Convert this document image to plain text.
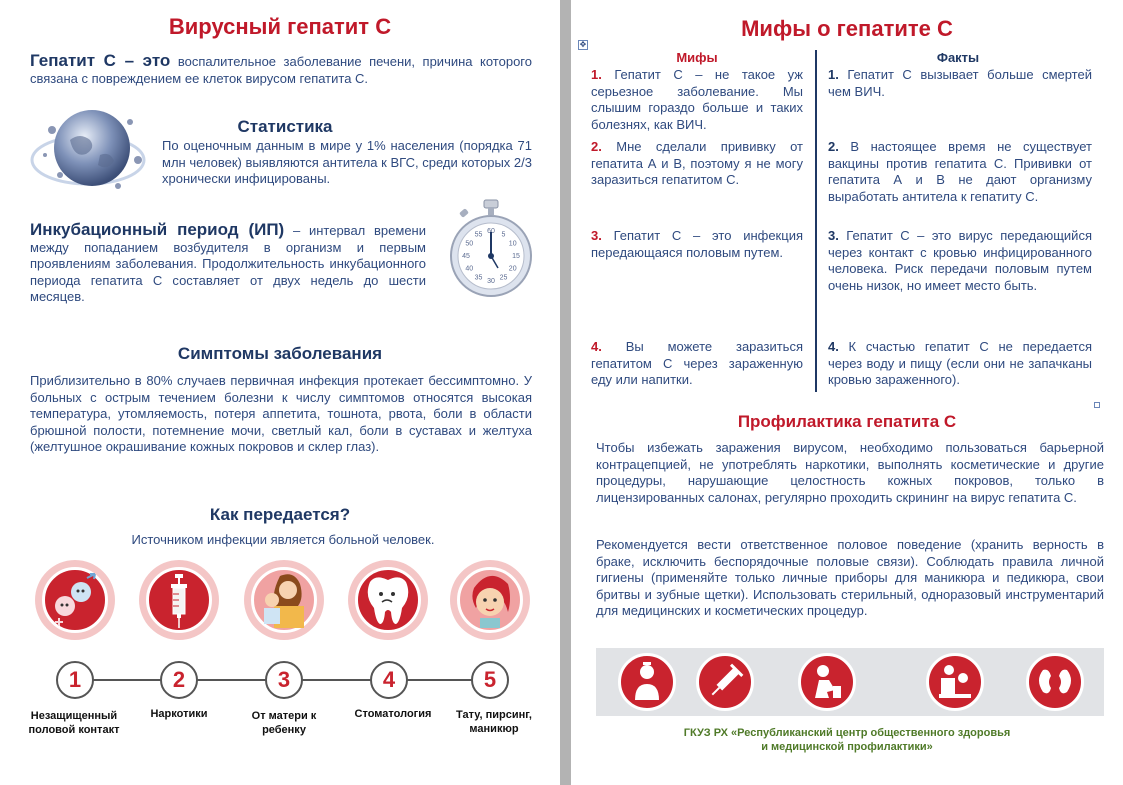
Вирусный гепатит С
Гепатит С – это воспалительное заболевание печени, причина которого связана с повреждением ее клеток вирусом гепатита С.
Статистика
По оценочным данным в мире у 1% населения (порядка 71 млн человек) выявляются антитела к ВГС, среди которых 2/3 хронически инфицированы.
Инкубационный период (ИП) – интервал времени между попаданием возбудителя в организм и первым проявлениям заболевания. Продолжительность инкубационного периода гепатита С составляет от двух недель до шести месяцев.
60 5
10
15
20
25
30
35
40
45
50
55
Симптомы заболевания
Приблизительно в 80% случаев первичная инфекция протекает бессимптомно. У больных с острым течением болезни к числу симптомов относятся высокая температура, утомляемость, потеря аппетита, тошнота, рвота, боли в области брюшной полости, потемнение мочи, светлый кал, боли в суставах и желтуха (желтушное окрашивание кожных покровов и склер глаз).
Как передается?
Источником инфекции является больной человек.
1	2	3	4	5
Незащищенный половой контакт
Наркотики	От матери к ребенку
Стоматология	Тату, пирсинг, маникюр
Мифы о гепатите С
✥
Мифы	Факты
1. Гепатит С – не такое уж серьезное заболевание. Мы слышим гораздо больше и таких болезнях, как ВИЧ.
1. Гепатит С вызывает больше смертей чем ВИЧ.
2. Мне сделали прививку от гепатита А и В, поэтому я не могу заразиться гепатитом С.
2. В настоящее время не существует вакцины против гепатита С. Прививки от гепатита А и В не дают организму выработать антитела к гепатиту С.
3. Гепатит С – это инфекция передающаяся половым путем.
3. Гепатит С – это вирус передающийся через контакт с кровью инфицированного человека. Риск передачи половым путем очень низок, но имеет место быть.
4. Вы можете заразиться гепатитом С через зараженную еду или напитки.
4. К счастью гепатит С не передается через воду и пищу (если они не запачканы кровью зараженного).
Профилактика гепатита С
Чтобы избежать заражения вирусом, необходимо пользоваться барьерной контрацепцией, не употреблять наркотики, выполнять косметические и другие процедуры, нарушающие целостность кожных покровов, только в лицензированных салонах, регулярно проходить скрининг на вирус гепатита С.
Рекомендуется вести ответственное половое поведение (хранить верность в браке, исключить беспорядочные половые связи). Соблюдать правила личной гигиены (применяйте только личные приборы для маникюра и педикюра, свои бритвы и зубные щетки). Использовать стерильный, одноразовый инструментарий для медицинских и косметических процедур.
ГКУЗ РХ «Республиканский центр общественного здоровья
и медицинской профилактики»
